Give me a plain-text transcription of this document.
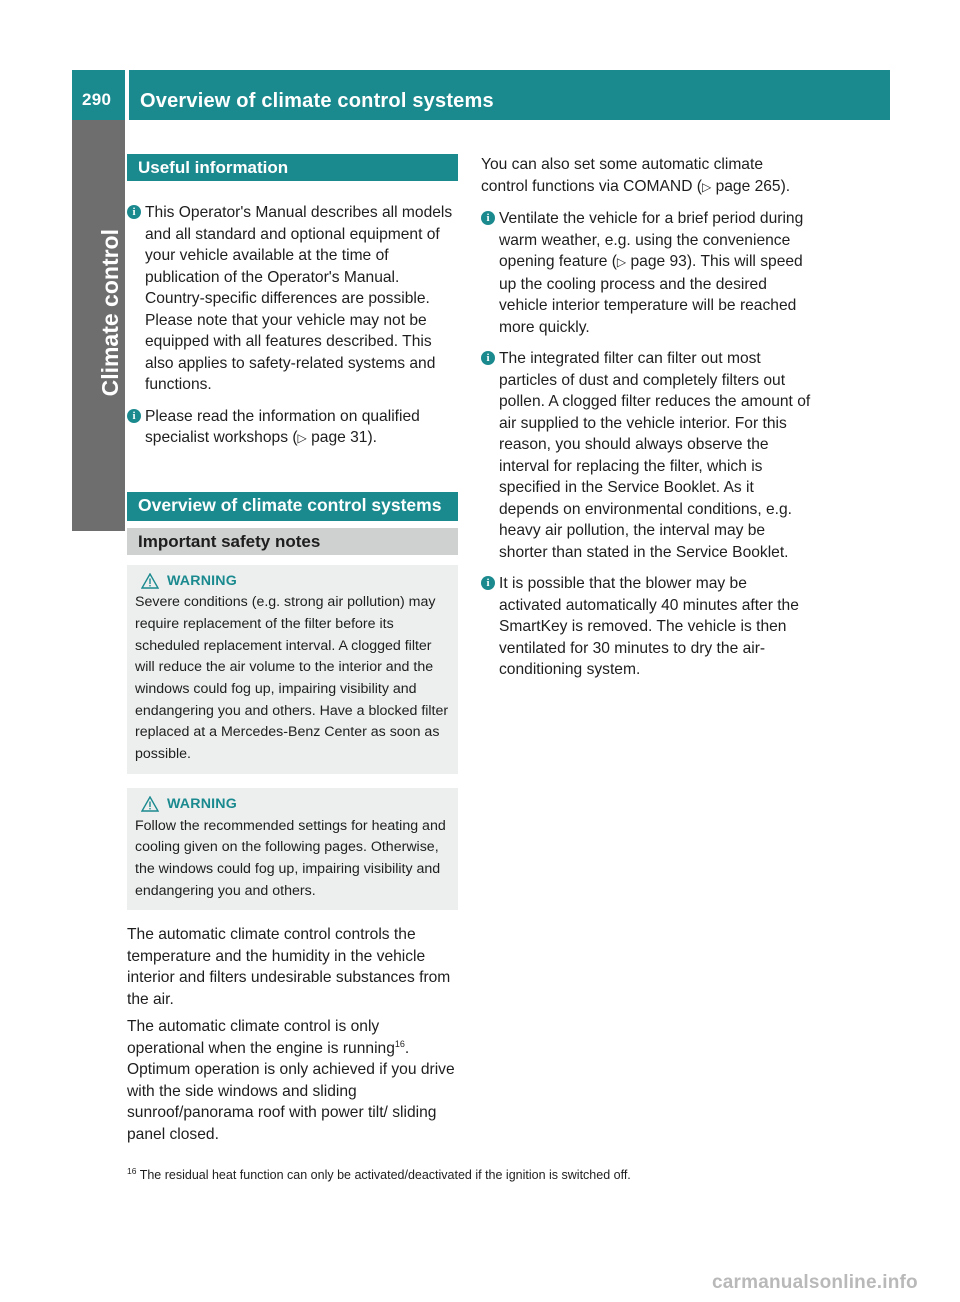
290 Overview of climate control systems
Climate control
Useful information
i This Operator's Manual describes all models and all standard and optional equipment of your vehicle available at the time of publication of the Operator's Manual. Country-specific differences are possible. Please note that your vehicle may not be equipped with all features described. This also applies to safety-related systems and functions.
i Please read the information on qualified specialist workshops (▷ page 31).
Overview of climate control systems
Important safety notes
WARNING

Severe conditions (e.g. strong air pollution) may require replacement of the filter before its scheduled replacement interval. A clogged filter will reduce the air volume to the interior and the windows could fog up, impairing visibility and endangering you and others. Have a blocked filter replaced at a Mercedes-Benz Center as soon as possible.

WARNING

Follow the recommended settings for heating and cooling given on the following pages. Otherwise, the windows could fog up, impairing visibility and endangering you and others.

The automatic climate control controls the temperature and the humidity in the vehicle interior and filters undesirable substances from the air.

The automatic climate control is only operational when the engine is running$^{16}$. Optimum operation is only achieved if you drive with the side windows and sliding sunroof/panorama roof with power tilt/ sliding panel closed.

You can also set some automatic climate control functions via COMAND (▷ page 265).

i Ventilate the vehicle for a brief period during warm weather, e.g. using the convenience opening feature (▷ page 93). This will speed up the cooling process and the desired vehicle interior temperature will be reached more quickly.
i The integrated filter can filter out most particles of dust and completely filters out pollen. A clogged filter reduces the amount of air supplied to the vehicle interior. For this reason, you should always observe the interval for replacing the filter, which is specified in the Service Booklet. As it depends on environmental conditions, e.g. heavy air pollution, the interval may be shorter than stated in the Service Booklet.
i It is possible that the blower may be activated automatically 40 minutes after the SmartKey is removed. The vehicle is then ventilated for 30 minutes to dry the air-conditioning system.
$^{16}$ The residual heat function can only be activated/deactivated if the ignition is switched off.
carmanualsonline.info
